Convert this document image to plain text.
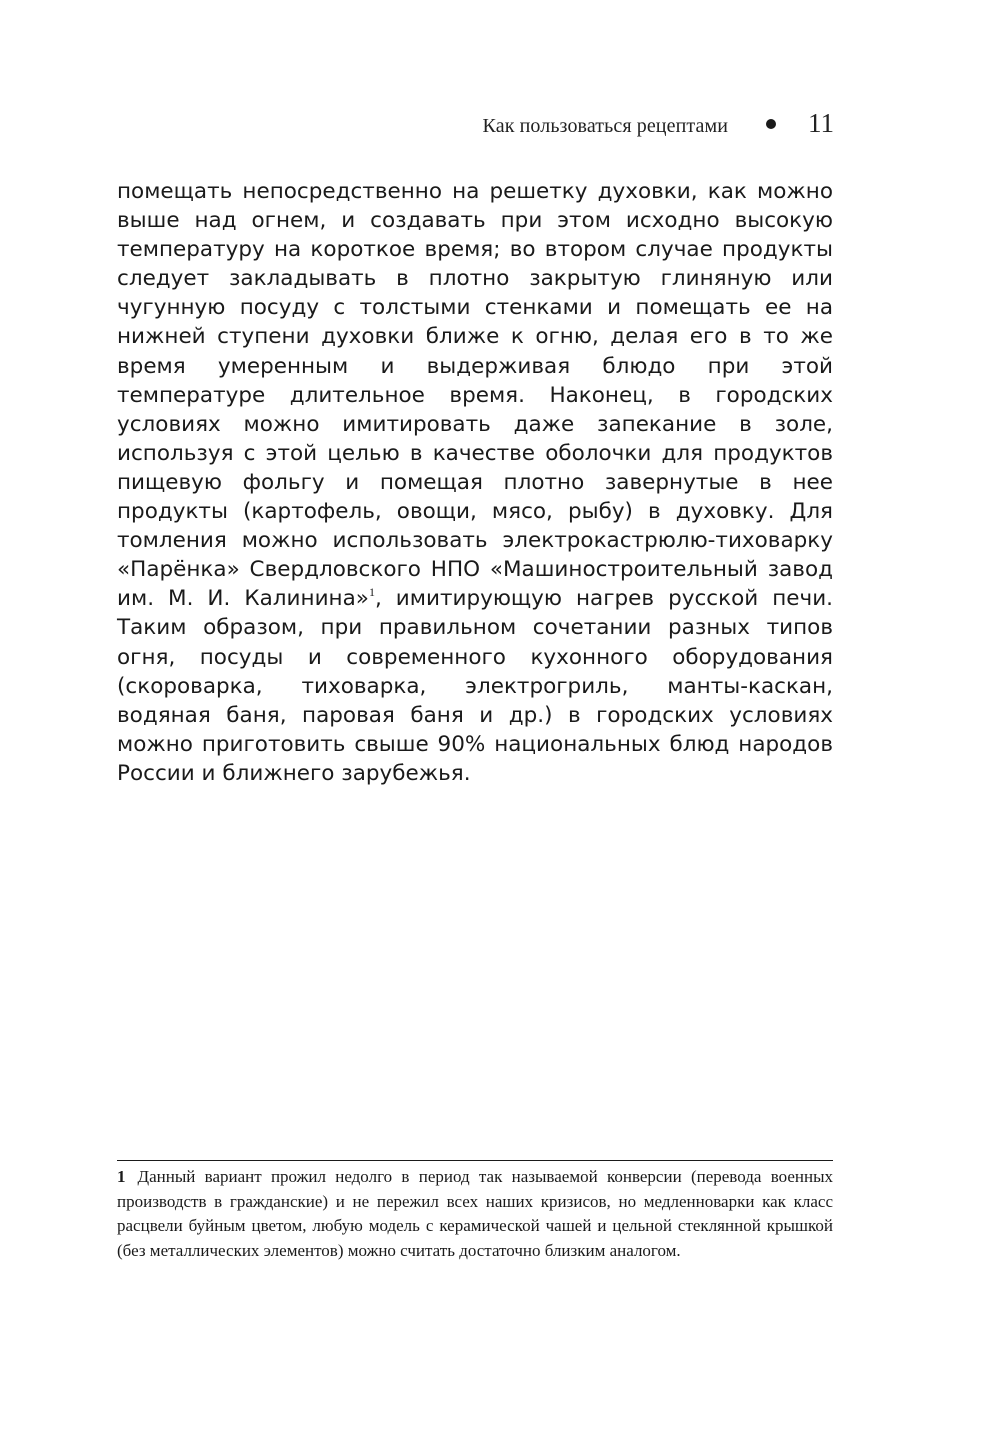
Как пользоваться рецептами	11

помещать непосредственно на решетку духовки, как можно выше над огнем, и создавать при этом исходно высокую температуру на короткое время; во втором случае продукты следует закладывать в плотно закрытую глиняную или чугунную посуду с толстыми стенками и помещать ее на нижней ступени духовки ближе к огню, делая его в то же время умеренным и выдерживая блюдо при этой температуре длительное время. Наконец, в городских условиях можно имитировать даже запекание в золе, используя с этой целью в качестве оболочки для продуктов пищевую фольгу и помещая плотно завернутые в нее продукты (картофель, овощи, мясо, рыбу) в духовку. Для томления можно использовать электрокастрюлю-тиховарку «Парёнка» Свердловского НПО «Машиностроительный завод им. М. И. Калинина»$^1$, имитирующую нагрев русской печи. Таким образом, при правильном сочетании разных типов огня, посуды и современного кухонного оборудования (скороварка, тиховарка, электрогриль, манты-каскан, водяная баня, паровая баня и др.) в городских условиях можно приготовить свыше 90% национальных блюд народов России и ближнего зарубежья.

1 Данный вариант прожил недолго в период так называемой конверсии (перевода военных производств в гражданские) и не пережил всех наших кризисов, но медленноварки как класс расцвели буйным цветом, любую модель с керамической чашей и цельной стеклянной крышкой (без металлических элементов) можно считать достаточно близким аналогом.
